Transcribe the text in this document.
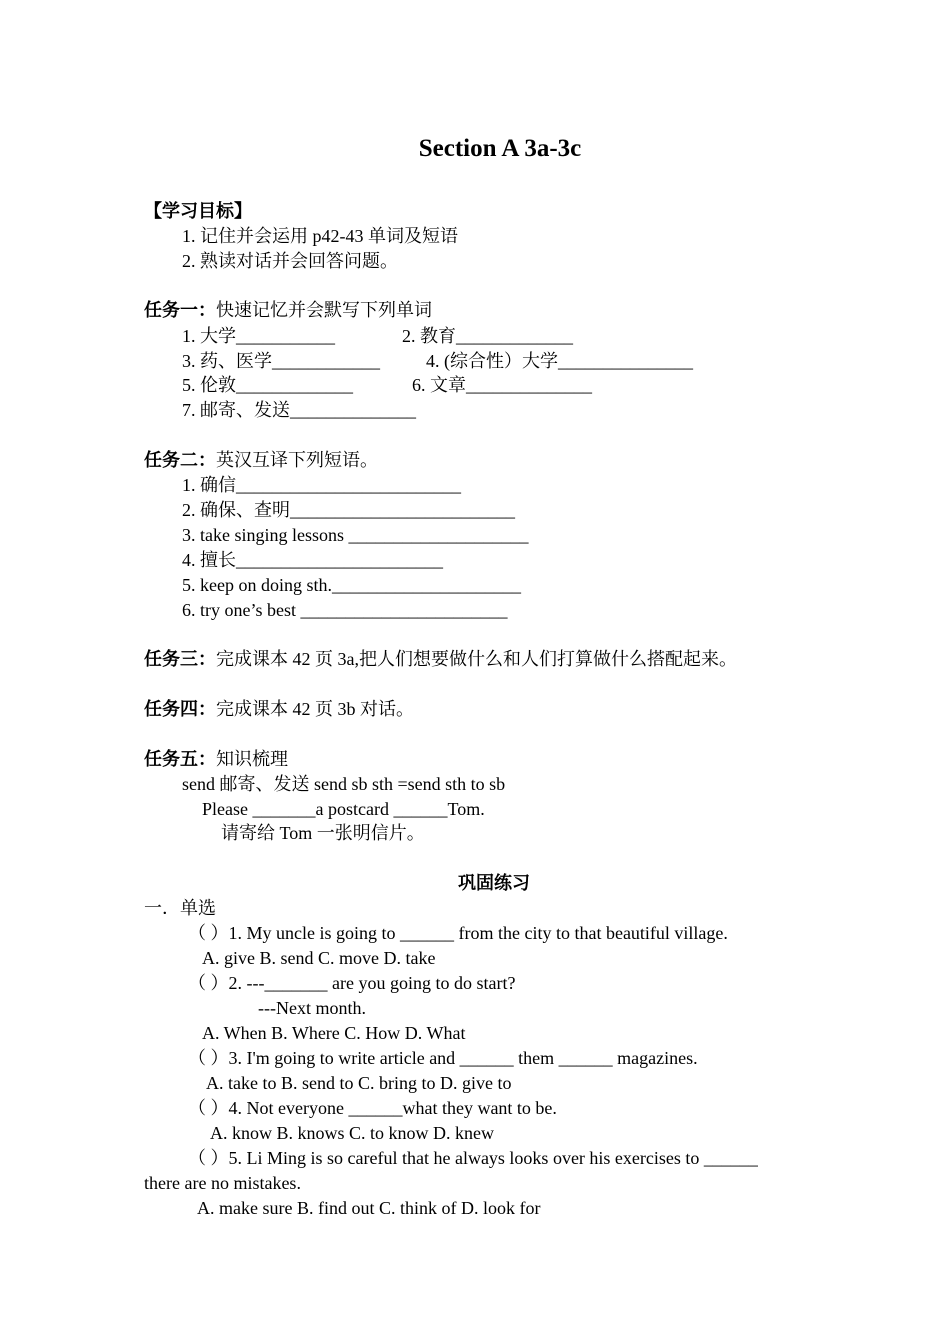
Section A 3a-3c
【学习目标】
1. 记住并会运用 p42-43 单词及短语
2. 熟读对话并会回答问题。
任务一：快速记忆并会默写下列单词
1. 大学___________	2. 教育_____________
3. 药、医学____________	4. (综合性）大学_______________
5. 伦敦_____________	6. 文章______________
7. 邮寄、发送______________
任务二：英汉互译下列短语。
1. 确信_________________________
2. 确保、查明_________________________
3. take singing lessons ____________________
4. 擅长_______________________
5. keep on doing sth._____________________
6. try one’s best _______________________
任务三：完成课本 42 页 3a,把人们想要做什么和人们打算做什么搭配起来。
任务四：完成课本 42 页 3b 对话。
任务五：知识梳理
send 邮寄、发送 send sb sth =send sth to sb
Please _______a postcard ______Tom.
请寄给 Tom 一张明信片。
巩固练习
一．单选
（ ）1. My uncle is going to ______ from the city to that beautiful village.
A. give B. send C. move D. take
（ ）2. ---_______ are you going to do start?
---Next month.
A. When B. Where C. How D. What
（ ）3. I'm going to write article and ______ them ______ magazines.
A. take to B. send to C. bring to D. give to
（ ）4. Not everyone ______what they want to be.
A. know B. knows C. to know D. knew
（ ）5. Li Ming is so careful that he always looks over his exercises to ______
there are no mistakes.
A. make sure B. find out C. think of D. look for
